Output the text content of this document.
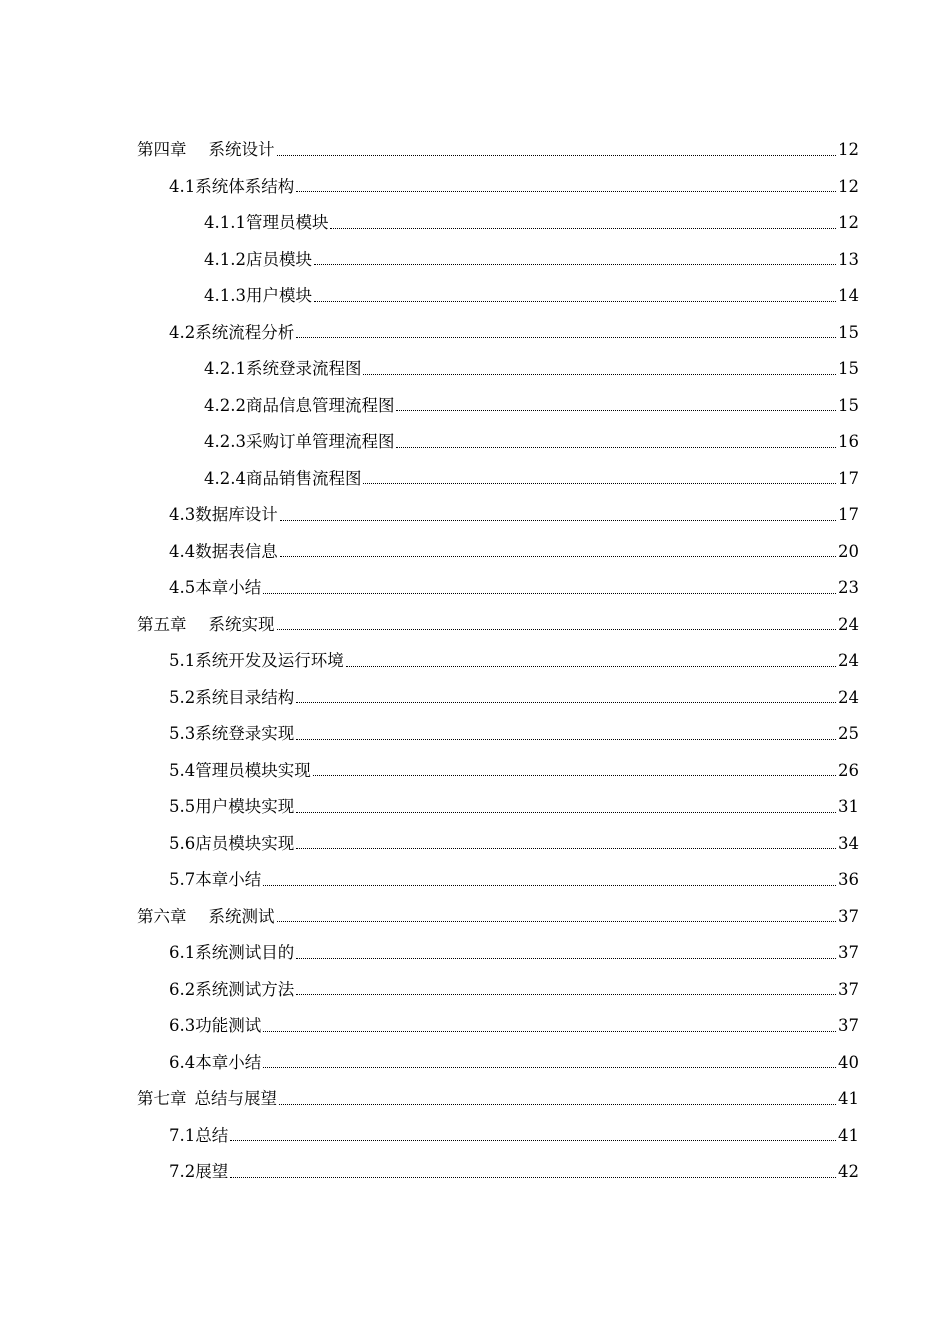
第四章 系统设计	12
4.1系统体系结构	12
4.1.1管理员模块	12
4.1.2店员模块	13
4.1.3用户模块	14
4.2系统流程分析	15
4.2.1系统登录流程图	15
4.2.2商品信息管理流程图	15
4.2.3采购订单管理流程图	16
4.2.4商品销售流程图	17
4.3数据库设计	17
4.4数据表信息	20
4.5本章小结	23
第五章 系统实现	24
5.1系统开发及运行环境	24
5.2系统目录结构	24
5.3系统登录实现	25
5.4管理员模块实现	26
5.5用户模块实现	31
5.6店员模块实现	34
5.7本章小结	36
第六章 系统测试	37
6.1系统测试目的	37
6.2系统测试方法	37
6.3功能测试	37
6.4本章小结	40
第七章 总结与展望	41
7.1总结	41
7.2展望	42
